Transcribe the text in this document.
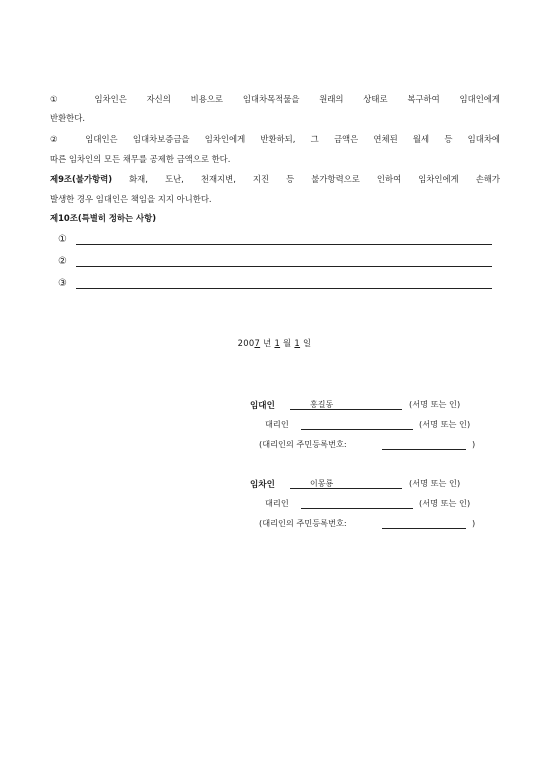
① 임차인은 자신의 비용으로 임대차목적물을 원래의 상태로 복구하여 임대인에게
반환한다.
② 임대인은 임대차보증금을 임차인에게 반환하되, 그 금액은 연체된 월세 등 임대차에
따른 임차인의 모든 채무를 공제한 금액으로 한다.
제9조(불가항력) 화재, 도난, 천재지변, 지진 등 불가항력으로 인하여 임차인에게 손해가
발생한 경우 임대인은 책임을 지지 아니한다.
제10조(특별히 정하는 사항)
①
②
③
2007 년 1 월 1 일
임대인	홍길동	(서명 또는 인)
대리인	(서명 또는 인)
(대리인의 주민등록번호:	)
임차인	이몽룡	(서명 또는 인)
대리인	(서명 또는 인)
(대리인의 주민등록번호:	)
